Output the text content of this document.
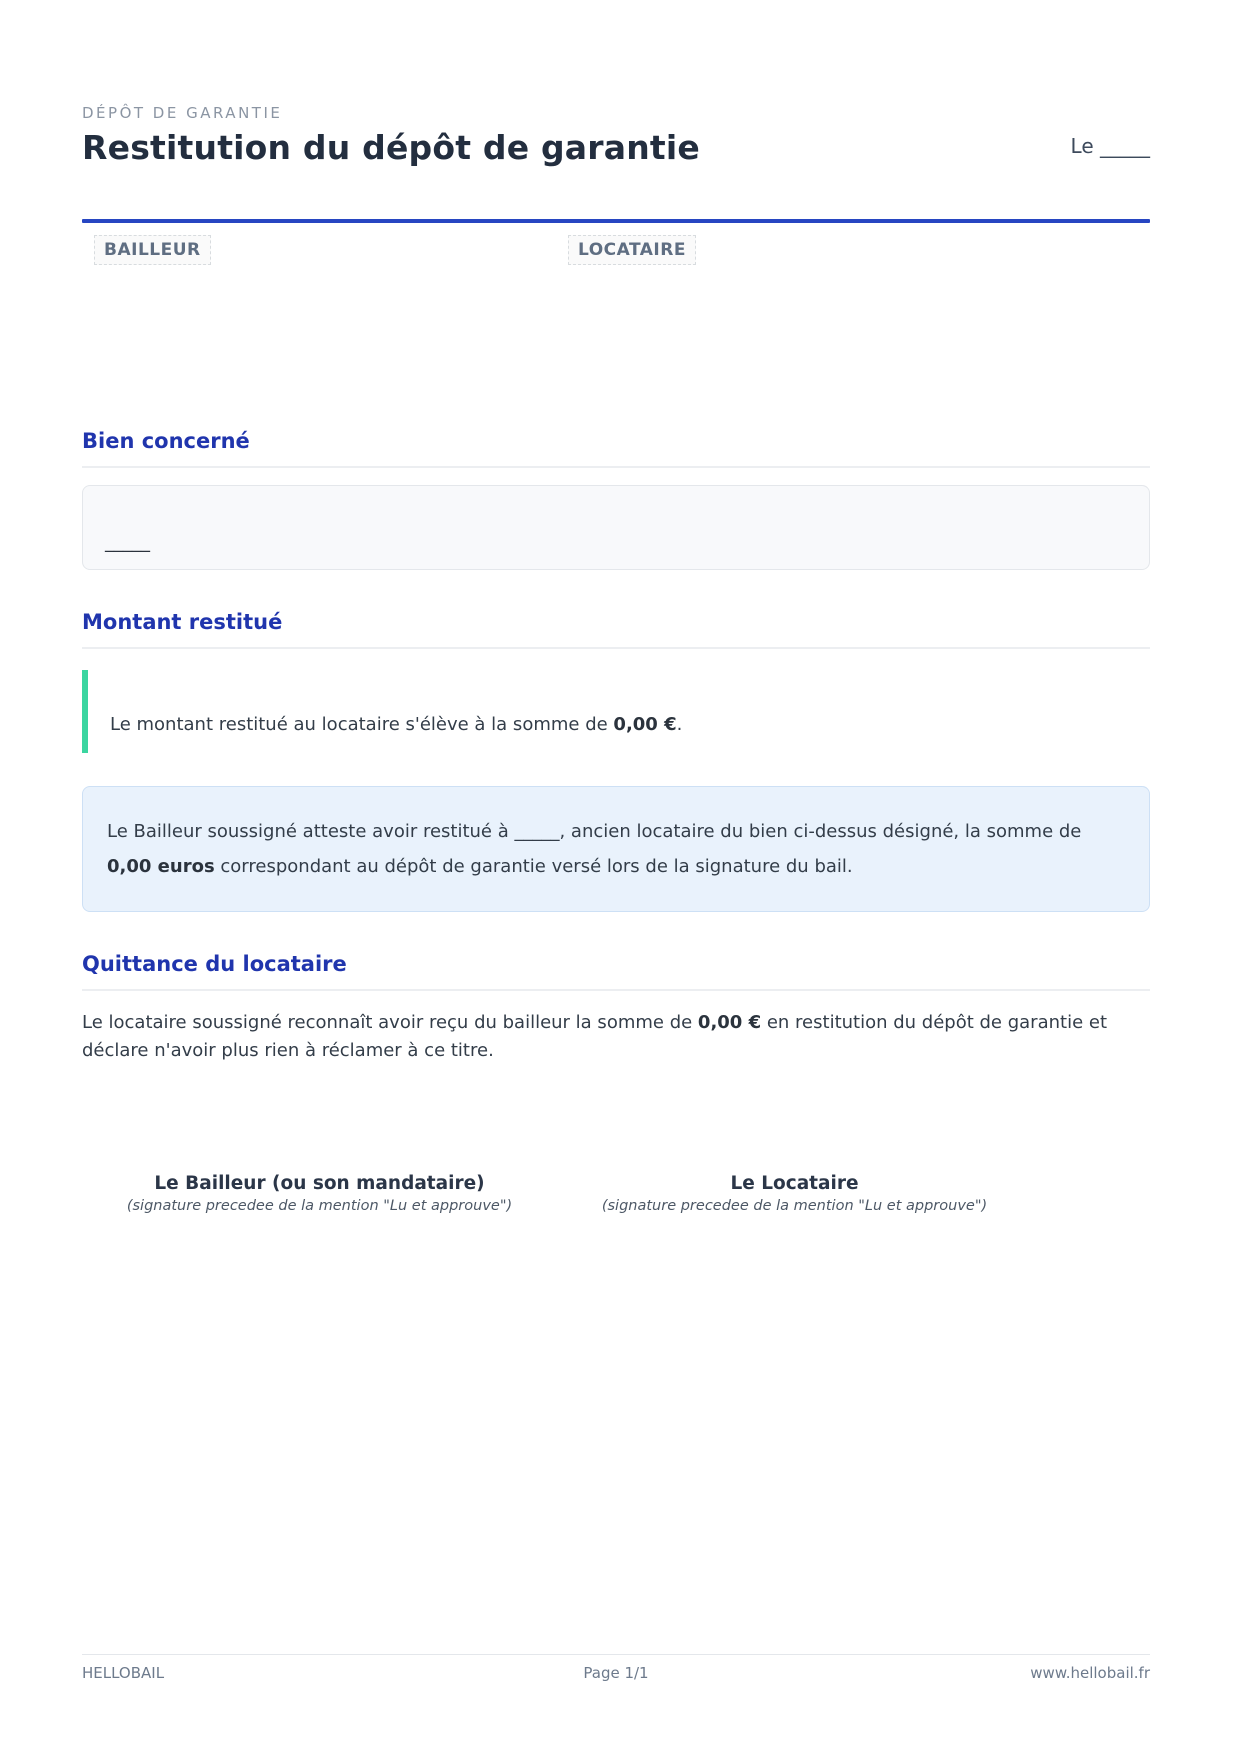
DÉPÔT DE GARANTIE
Restitution du dépôt de garantie	Le _____
BAILLEUR	LOCATAIRE
Bien concerné
_____
Montant restitué
Le montant restitué au locataire s'élève à la somme de 0,00 €.
Le Bailleur soussigné atteste avoir restitué à _____, ancien locataire du bien ci-dessus désigné, la somme de 0,00 euros correspondant au dépôt de garantie versé lors de la signature du bail.
Quittance du locataire

Le locataire soussigné reconnaît avoir reçu du bailleur la somme de 0,00 € en restitution du dépôt de garantie et déclare n'avoir plus rien à réclamer à ce titre.

Le Bailleur (ou son mandataire)
(signature precedee de la mention "Lu et approuve")
Le Locataire
(signature precedee de la mention "Lu et approuve")
HELLOBAIL	Page 1/1	www.hellobail.fr
